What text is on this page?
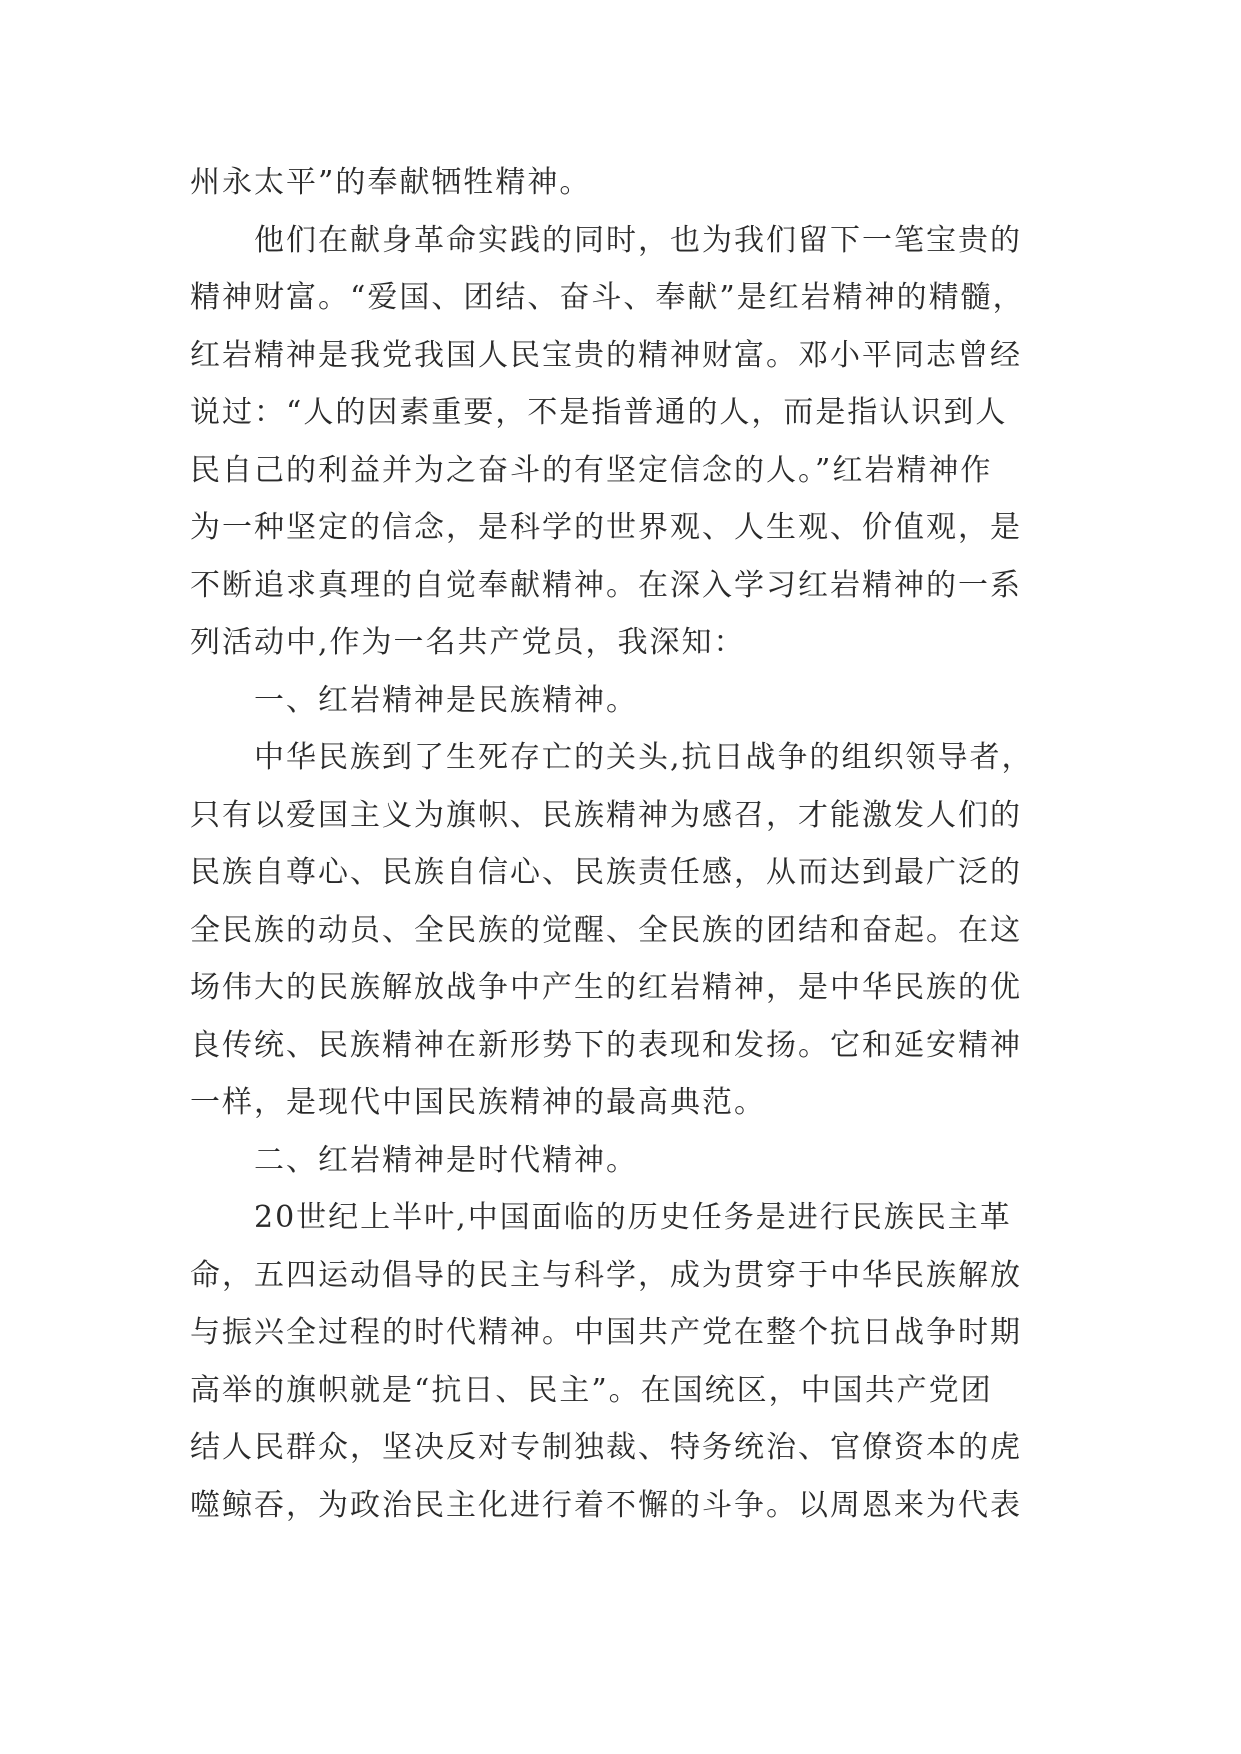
州永太平”的奉献牺牲精神。
他们在献身革命实践的同时，也为我们留下一笔宝贵的
精神财富。“爱国、团结、奋斗、奉献”是红岩精神的精髓，
红岩精神是我党我国人民宝贵的精神财富。邓小平同志曾经
说过：“人的因素重要，不是指普通的人，而是指认识到人
民自己的利益并为之奋斗的有坚定信念的人。”红岩精神作
为一种坚定的信念，是科学的世界观、人生观、价值观，是
不断追求真理的自觉奉献精神。在深入学习红岩精神的一系
列活动中,作为一名共产党员，我深知：
一、红岩精神是民族精神。
中华民族到了生死存亡的关头,抗日战争的组织领导者，
只有以爱国主义为旗帜、民族精神为感召，才能激发人们的
民族自尊心、民族自信心、民族责任感，从而达到最广泛的
全民族的动员、全民族的觉醒、全民族的团结和奋起。在这
场伟大的民族解放战争中产生的红岩精神，是中华民族的优
良传统、民族精神在新形势下的表现和发扬。它和延安精神
一样，是现代中国民族精神的最高典范。
二、红岩精神是时代精神。
20世纪上半叶,中国面临的历史任务是进行民族民主革
命，五四运动倡导的民主与科学，成为贯穿于中华民族解放
与振兴全过程的时代精神。中国共产党在整个抗日战争时期
高举的旗帜就是“抗日、民主”。在国统区，中国共产党团
结人民群众，坚决反对专制独裁、特务统治、官僚资本的虎
噬鲸吞，为政治民主化进行着不懈的斗争。以周恩来为代表
